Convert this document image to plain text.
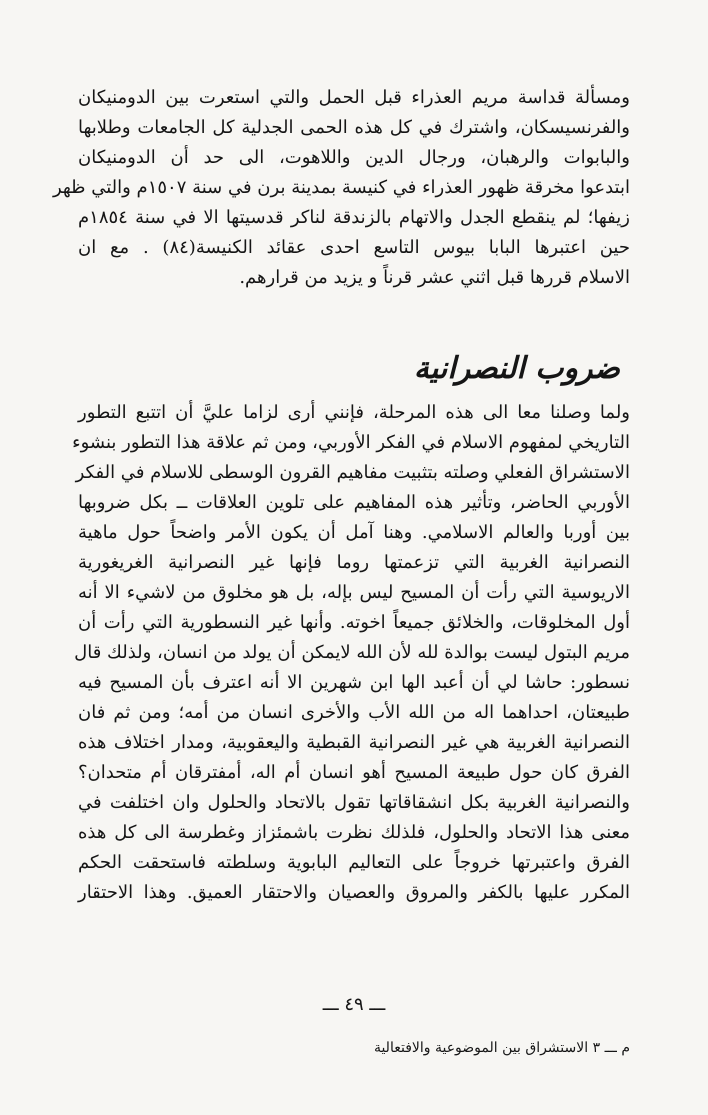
ومسألة قداسة مريم العذراء قبل الحمل والتي استعرت بين الدومنيكان
والفرنسيسكان، واشترك في كل هذه الحمى الجدلية كل الجامعات وطلابها
والبابوات والرهبان، ورجال الدين واللاهوت، الى حد أن الدومنيكان
ابتدعوا مخرقة ظهور العذراء في كنيسة بمدينة برن في سنة ١٥٠٧م والتي ظهر
زيفها؛ لم ينقطع الجدل والاتهام بالزندقة لناكر قدسيتها الا في سنة ١٨٥٤م
حين اعتبرها البابا بيوس التاسع احدى عقائد الكنيسة(٨٤) . مع ان
الاسلام قررها قبل اثني عشر قرناً و يزيد من قرارهم.
ضروب النصرانية
ولما وصلنا معا الى هذه المرحلة، فإنني أرى لزاما عليَّ أن اتتبع التطور
التاريخي لمفهوم الاسلام في الفكر الأوربي، ومن ثم علاقة هذا التطور بنشوء
الاستشراق الفعلي وصلته بتثبيت مفاهيم القرون الوسطى للاسلام في الفكر
الأوربي الحاضر، وتأثير هذه المفاهيم على تلوين العلاقات ــ بكل ضروبها
بين أوربا والعالم الاسلامي. وهنا آمل أن يكون الأمر واضحاً حول ماهية
النصرانية الغربية التي تزعمتها روما فإنها غير النصرانية الغريغورية
الاريوسية التي رأت أن المسيح ليس بإله، بل هو مخلوق من لاشيء الا أنه
أول المخلوقات، والخلائق جميعاً اخوته. وأنها غير النسطورية التي رأت أن
مريم البتول ليست بوالدة لله لأن الله لايمكن أن يولد من انسان، ولذلك قال
نسطور: حاشا لي أن أعبد الها ابن شهرين الا أنه اعترف بأن المسيح فيه
طبيعتان، احداهما اله من الله الأب والأخرى انسان من أمه؛ ومن ثم فان
النصرانية الغربية هي غير النصرانية القبطية واليعقوبية، ومدار اختلاف هذه
الفرق كان حول طبيعة المسيح أهو انسان أم اله، أمفترقان أم متحدان؟
والنصرانية الغربية بكل انشقاقاتها تقول بالاتحاد والحلول وان اختلفت في
معنى هذا الاتحاد والحلول، فلذلك نظرت باشمئزاز وغطرسة الى كل هذه
الفرق واعتبرتها خروجاً على التعاليم البابوية وسلطته فاستحقت الحكم
المكرر عليها بالكفر والمروق والعصيان والاحتقار العميق. وهذا الاحتقار

ـــ ٤٩ ـــ

م ـــ ٣ الاستشراق بين الموضوعية والافتعالية
